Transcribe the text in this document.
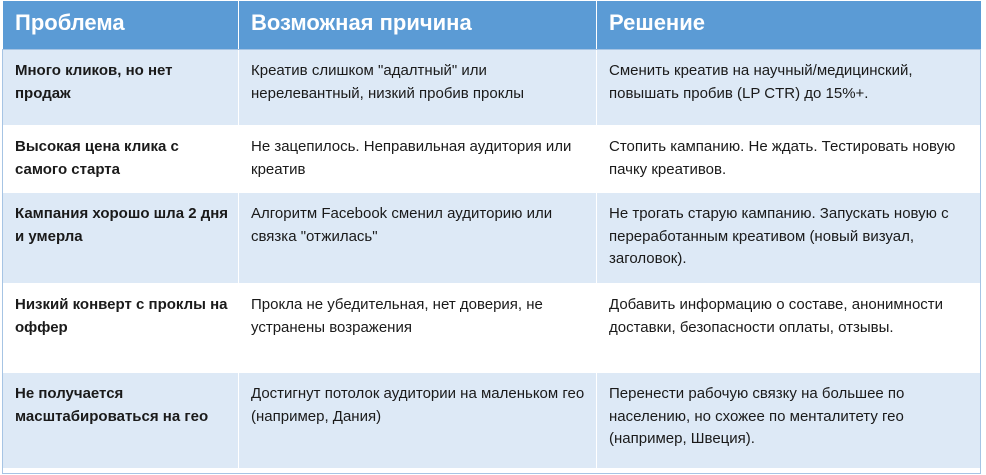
Проблема	Возможная причина	Решение
Много кликов, но нет продаж	Креатив слишком "адалтный" или нерелевантный, низкий пробив проклы	Сменить креатив на научный/медицинский, повышать пробив (LP CTR) до 15%+.
Высокая цена клика с самого старта	Не зацепилось. Неправильная аудитория или креатив	Стопить кампанию. Не ждать. Тестировать новую пачку креативов.
Кампания хорошо шла 2 дня и умерла	Алгоритм Facebook сменил аудиторию или связка "отжилась"	Не трогать старую кампанию. Запускать новую с переработанным креативом (новый визуал, заголовок).
Низкий конверт с проклы на оффер	Прокла не убедительная, нет доверия, не устранены возражения	Добавить информацию о составе, анонимности доставки, безопасности оплаты, отзывы.
Не получается масштабироваться на гео	Достигнут потолок аудитории на маленьком гео (например, Дания)	Перенести рабочую связку на большее по населению, но схожее по менталитету гео (например, Швеция).
